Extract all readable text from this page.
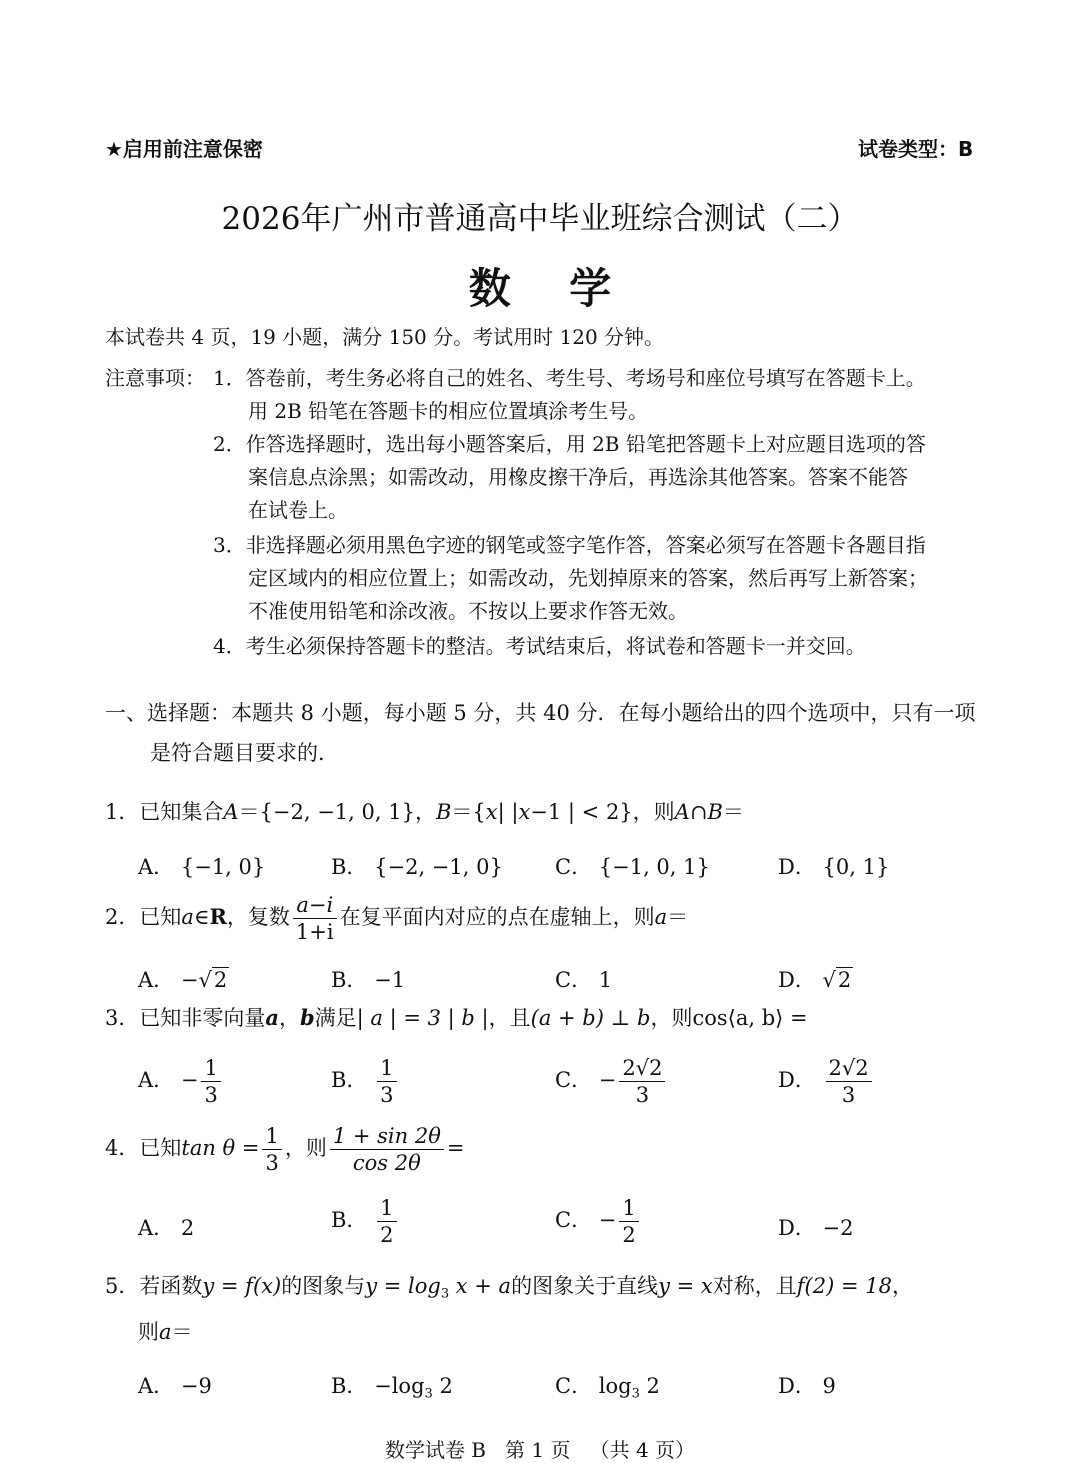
★启用前注意保密	试卷类型：B
2026年广州市普通高中毕业班综合测试（二）
数    学
本试卷共 4 页，19 小题，满分 150 分。考试用时 120 分钟。
注意事项： 1．答卷前，考生务必将自己的姓名、考生号、考场号和座位号填写在答题卡上。
用 2B 铅笔在答题卡的相应位置填涂考生号。
2．作答选择题时，选出每小题答案后，用 2B 铅笔把答题卡上对应题目选项的答
案信息点涂黑；如需改动，用橡皮擦干净后，再选涂其他答案。答案不能答
在试卷上。
3．非选择题必须用黑色字迹的钢笔或签字笔作答，答案必须写在答题卡各题目指
定区域内的相应位置上；如需改动，先划掉原来的答案，然后再写上新答案；
不准使用铅笔和涂改液。不按以上要求作答无效。
4．考生必须保持答题卡的整洁。考试结束后，将试卷和答题卡一并交回。
一、选择题：本题共 8 小题，每小题 5 分，共 40 分．在每小题给出的四个选项中，只有一项
是符合题目要求的．
1．已知集合A＝{−2, −1, 0, 1}，B＝{x| |x−1 | < 2}，则A∩B＝
A． {−1, 0}	B． {−2, −1, 0} C． {−1, 0, 1}	D． {0, 1}
2．已知a∈R，复数 $\frac{a-i}{1+i}$ 在复平面内对应的点在虚轴上，则a＝
A． −√2	B． −1	C． 1	D． √2
3．已知非零向量a，b满足| a | = 3 | b |，且(a + b) ⊥ b，则cos⟨a, b⟩ =
A． − $\frac{1}{3}$	B． $\frac{1}{3}$	C． − $\frac{2√2}{3}$	D． $\frac{2√2}{3}$
4．已知$\tan \theta = \frac{1}{3}$ ，则 $\frac{1 + \sin 2\theta}{\cos 2\theta}$ =
A． 2	B． $\frac{1}{2}$	C． − $\frac{1}{2}$	D． −2
5．若函数y = f(x)的图象与$y = \log_3 x + a$的图象关于直线y = x对称，且f(2) = 18，
则a＝
A． −9	B． $-\log_3$ 2	C． $\log_3 2$	D． 9
数学试卷 B   第 1 页   （共 4 页）
